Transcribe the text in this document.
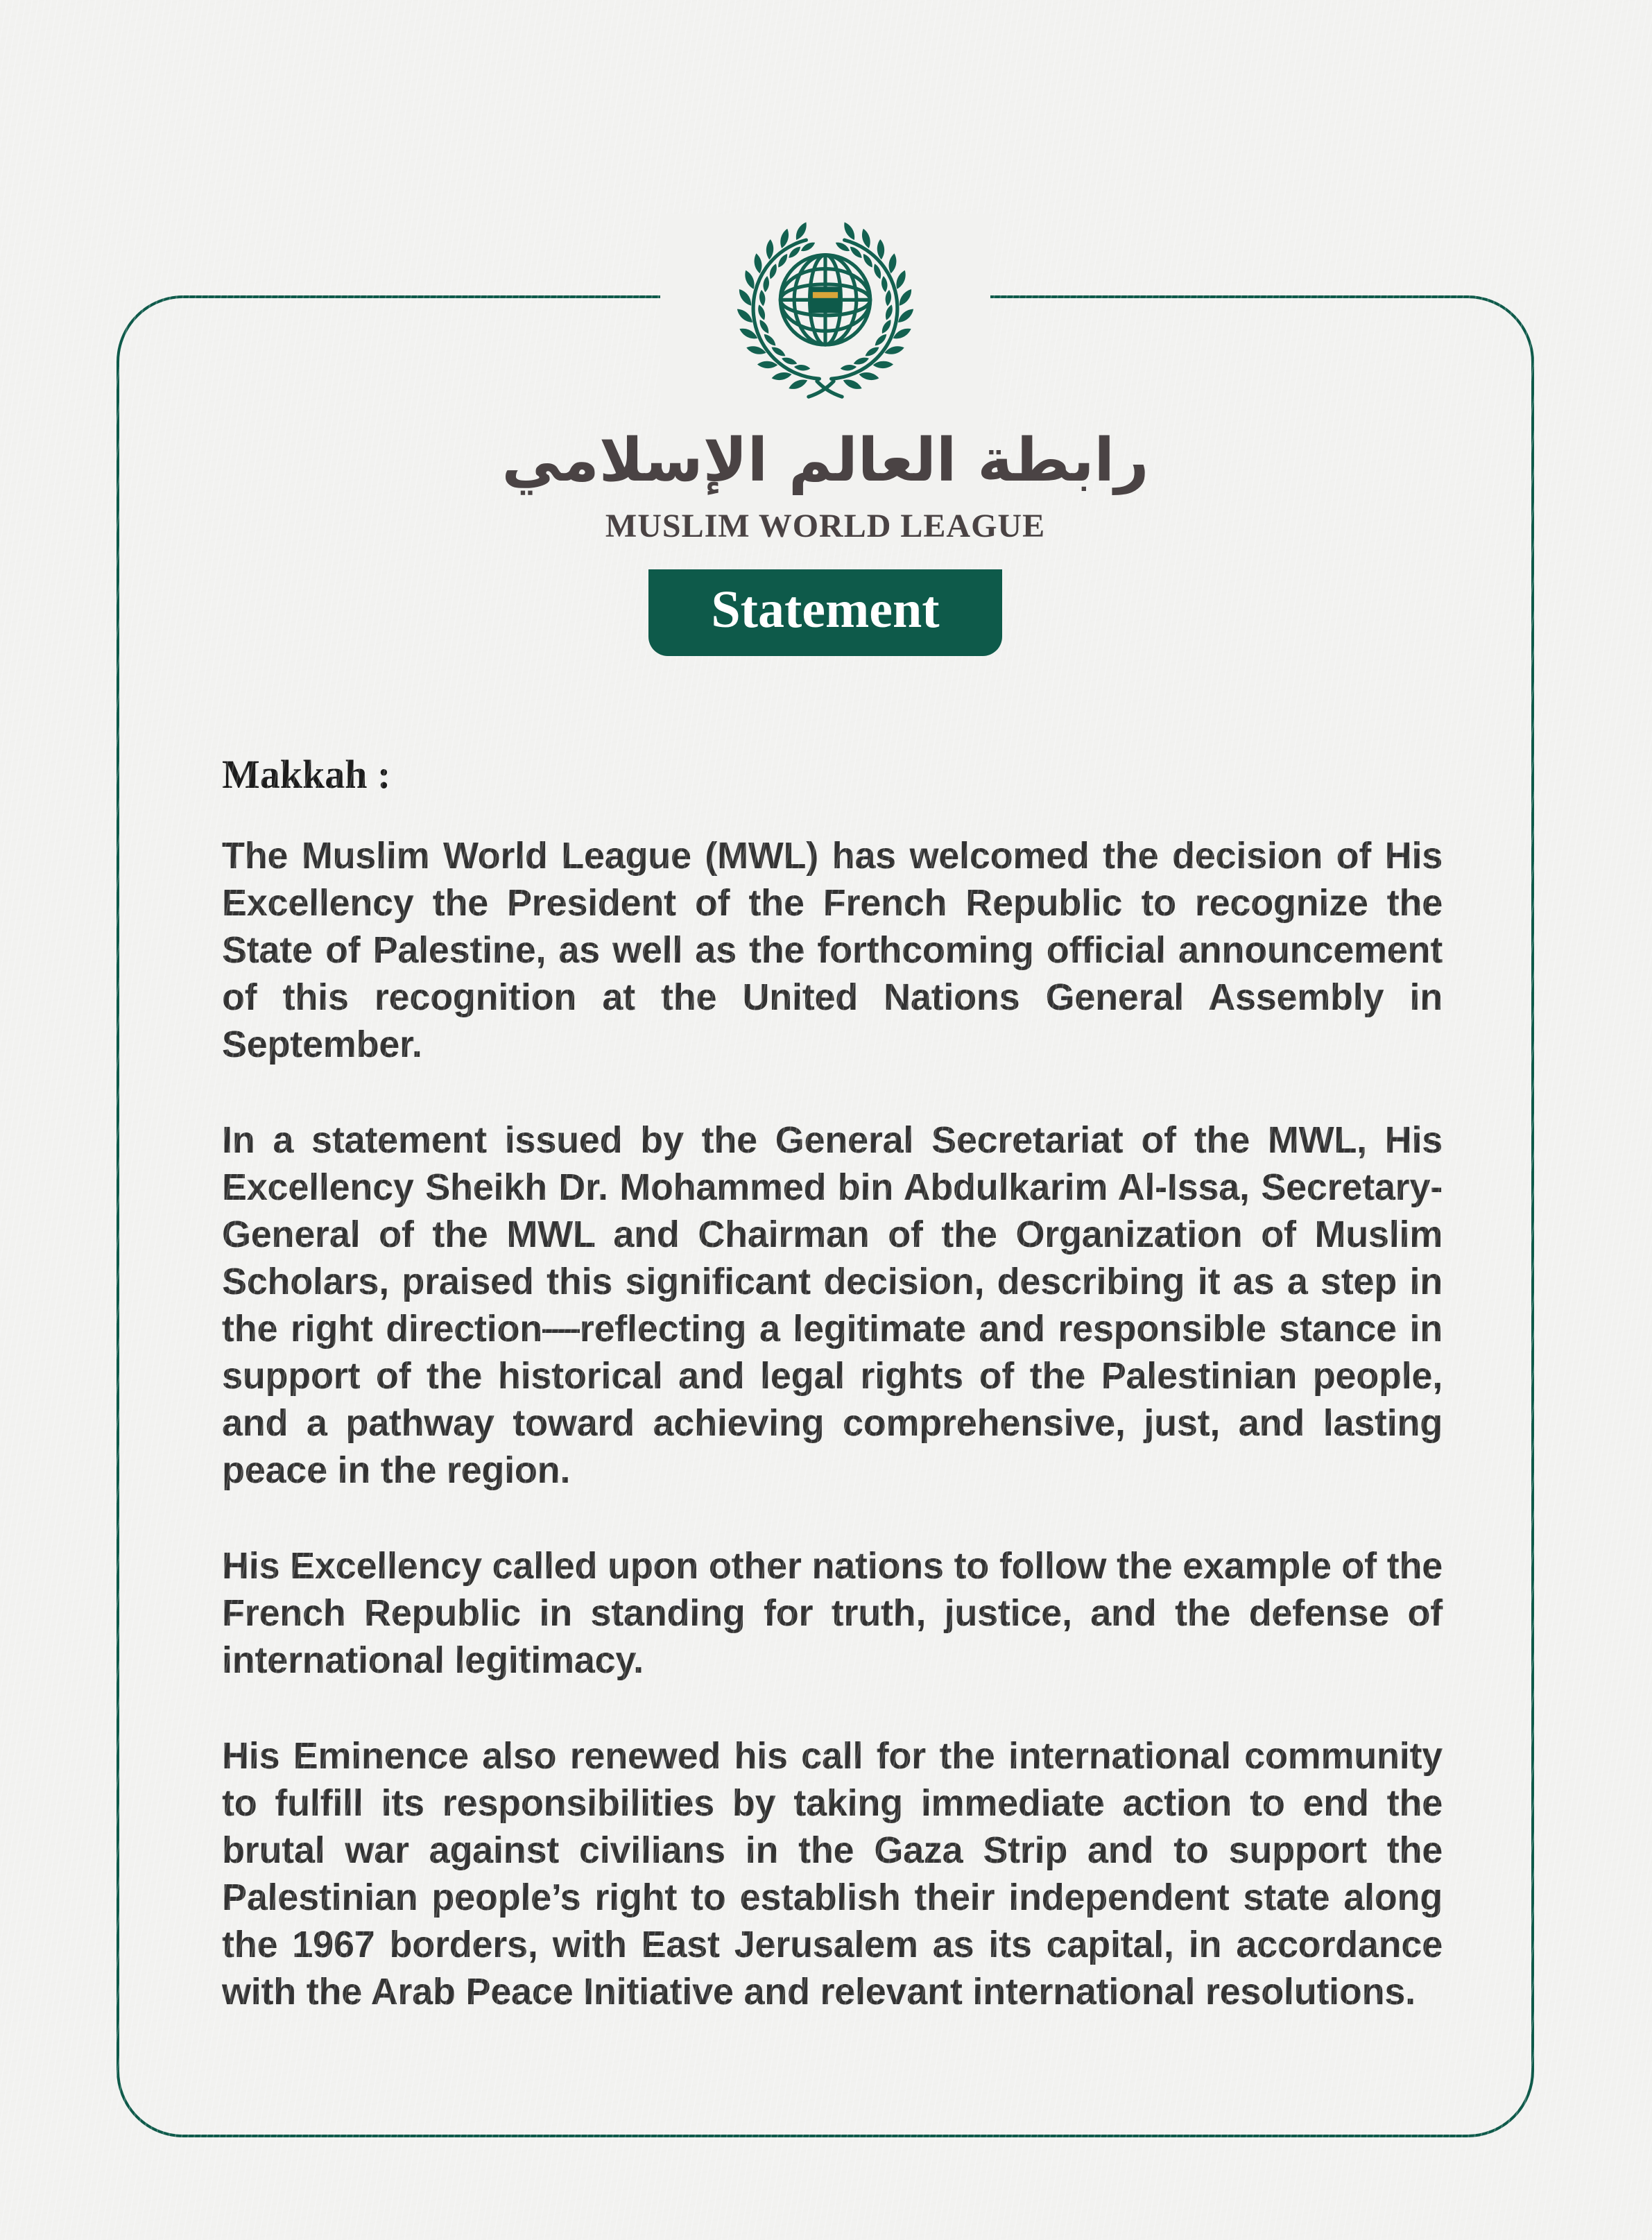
رابطة العالم الإسلامي
MUSLIM WORLD LEAGUE
Statement
Makkah :

The Muslim World League (MWL) has welcomed the decision of His Excellency the President of the French Republic to recognize the State of Palestine, as well as the forthcoming official announcement of this recognition at the United Nations General Assembly in September.

In a statement issued by the General Secretariat of the MWL, His Excellency Sheikh Dr. Mohammed bin Abdulkarim Al-Issa, Secretary-General of the MWL and Chairman of the Organization of Muslim Scholars, praised this significant decision, describing it as a step in the right direction—reflecting a legitimate and responsible stance in support of the historical and legal rights of the Palestinian people, and a pathway toward achieving comprehensive, just, and lasting peace in the region.

His Excellency called upon other nations to follow the example of the French Republic in standing for truth, justice, and the defense of international legitimacy.

His Eminence also renewed his call for the international community to fulfill its responsibilities by taking immediate action to end the brutal war against civilians in the Gaza Strip and to support the Palestinian people’s right to establish their independent state along the 1967 borders, with East Jerusalem as its capital, in accordance with the Arab Peace Initiative and relevant international resolutions.
